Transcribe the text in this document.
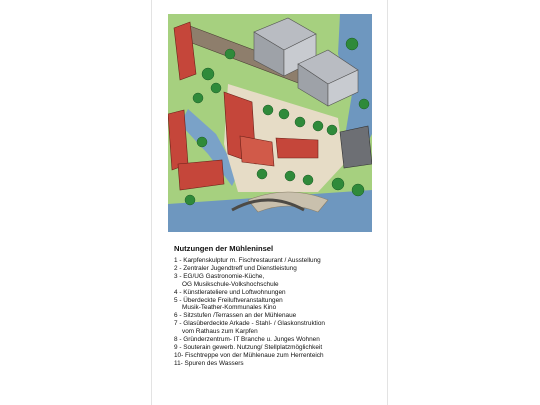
Nutzungen der Mühleninsel
1 - Karpfenskulptur m. Fischrestaurant / Ausstellung
2 - Zentraler Jugendtreff und Dienstleistung
3 - EG/UG Gastronomie-Küche,
OG Musikschule-Volkshochschule
4 - Künstlerateliere und Loftwohnungen
5 - Überdeckte Freiluftveranstaltungen
Musik-Teather-Kommunales Kino
6 - Sitzstufen /Terrassen an der Mühlenaue
7 - Glasüberdeckte Arkade - Stahl- / Glaskonstruktion
vom Rathaus zum Karpfen
8 - Gründerzentrum- IT Branche u. Junges Wohnen
9 - Souterain gewerb. Nutzung/ Stellplatzmöglichkeit
10- Fischtreppe von der Mühlenaue zum Herrenteich
11- Spuren des Wassers
